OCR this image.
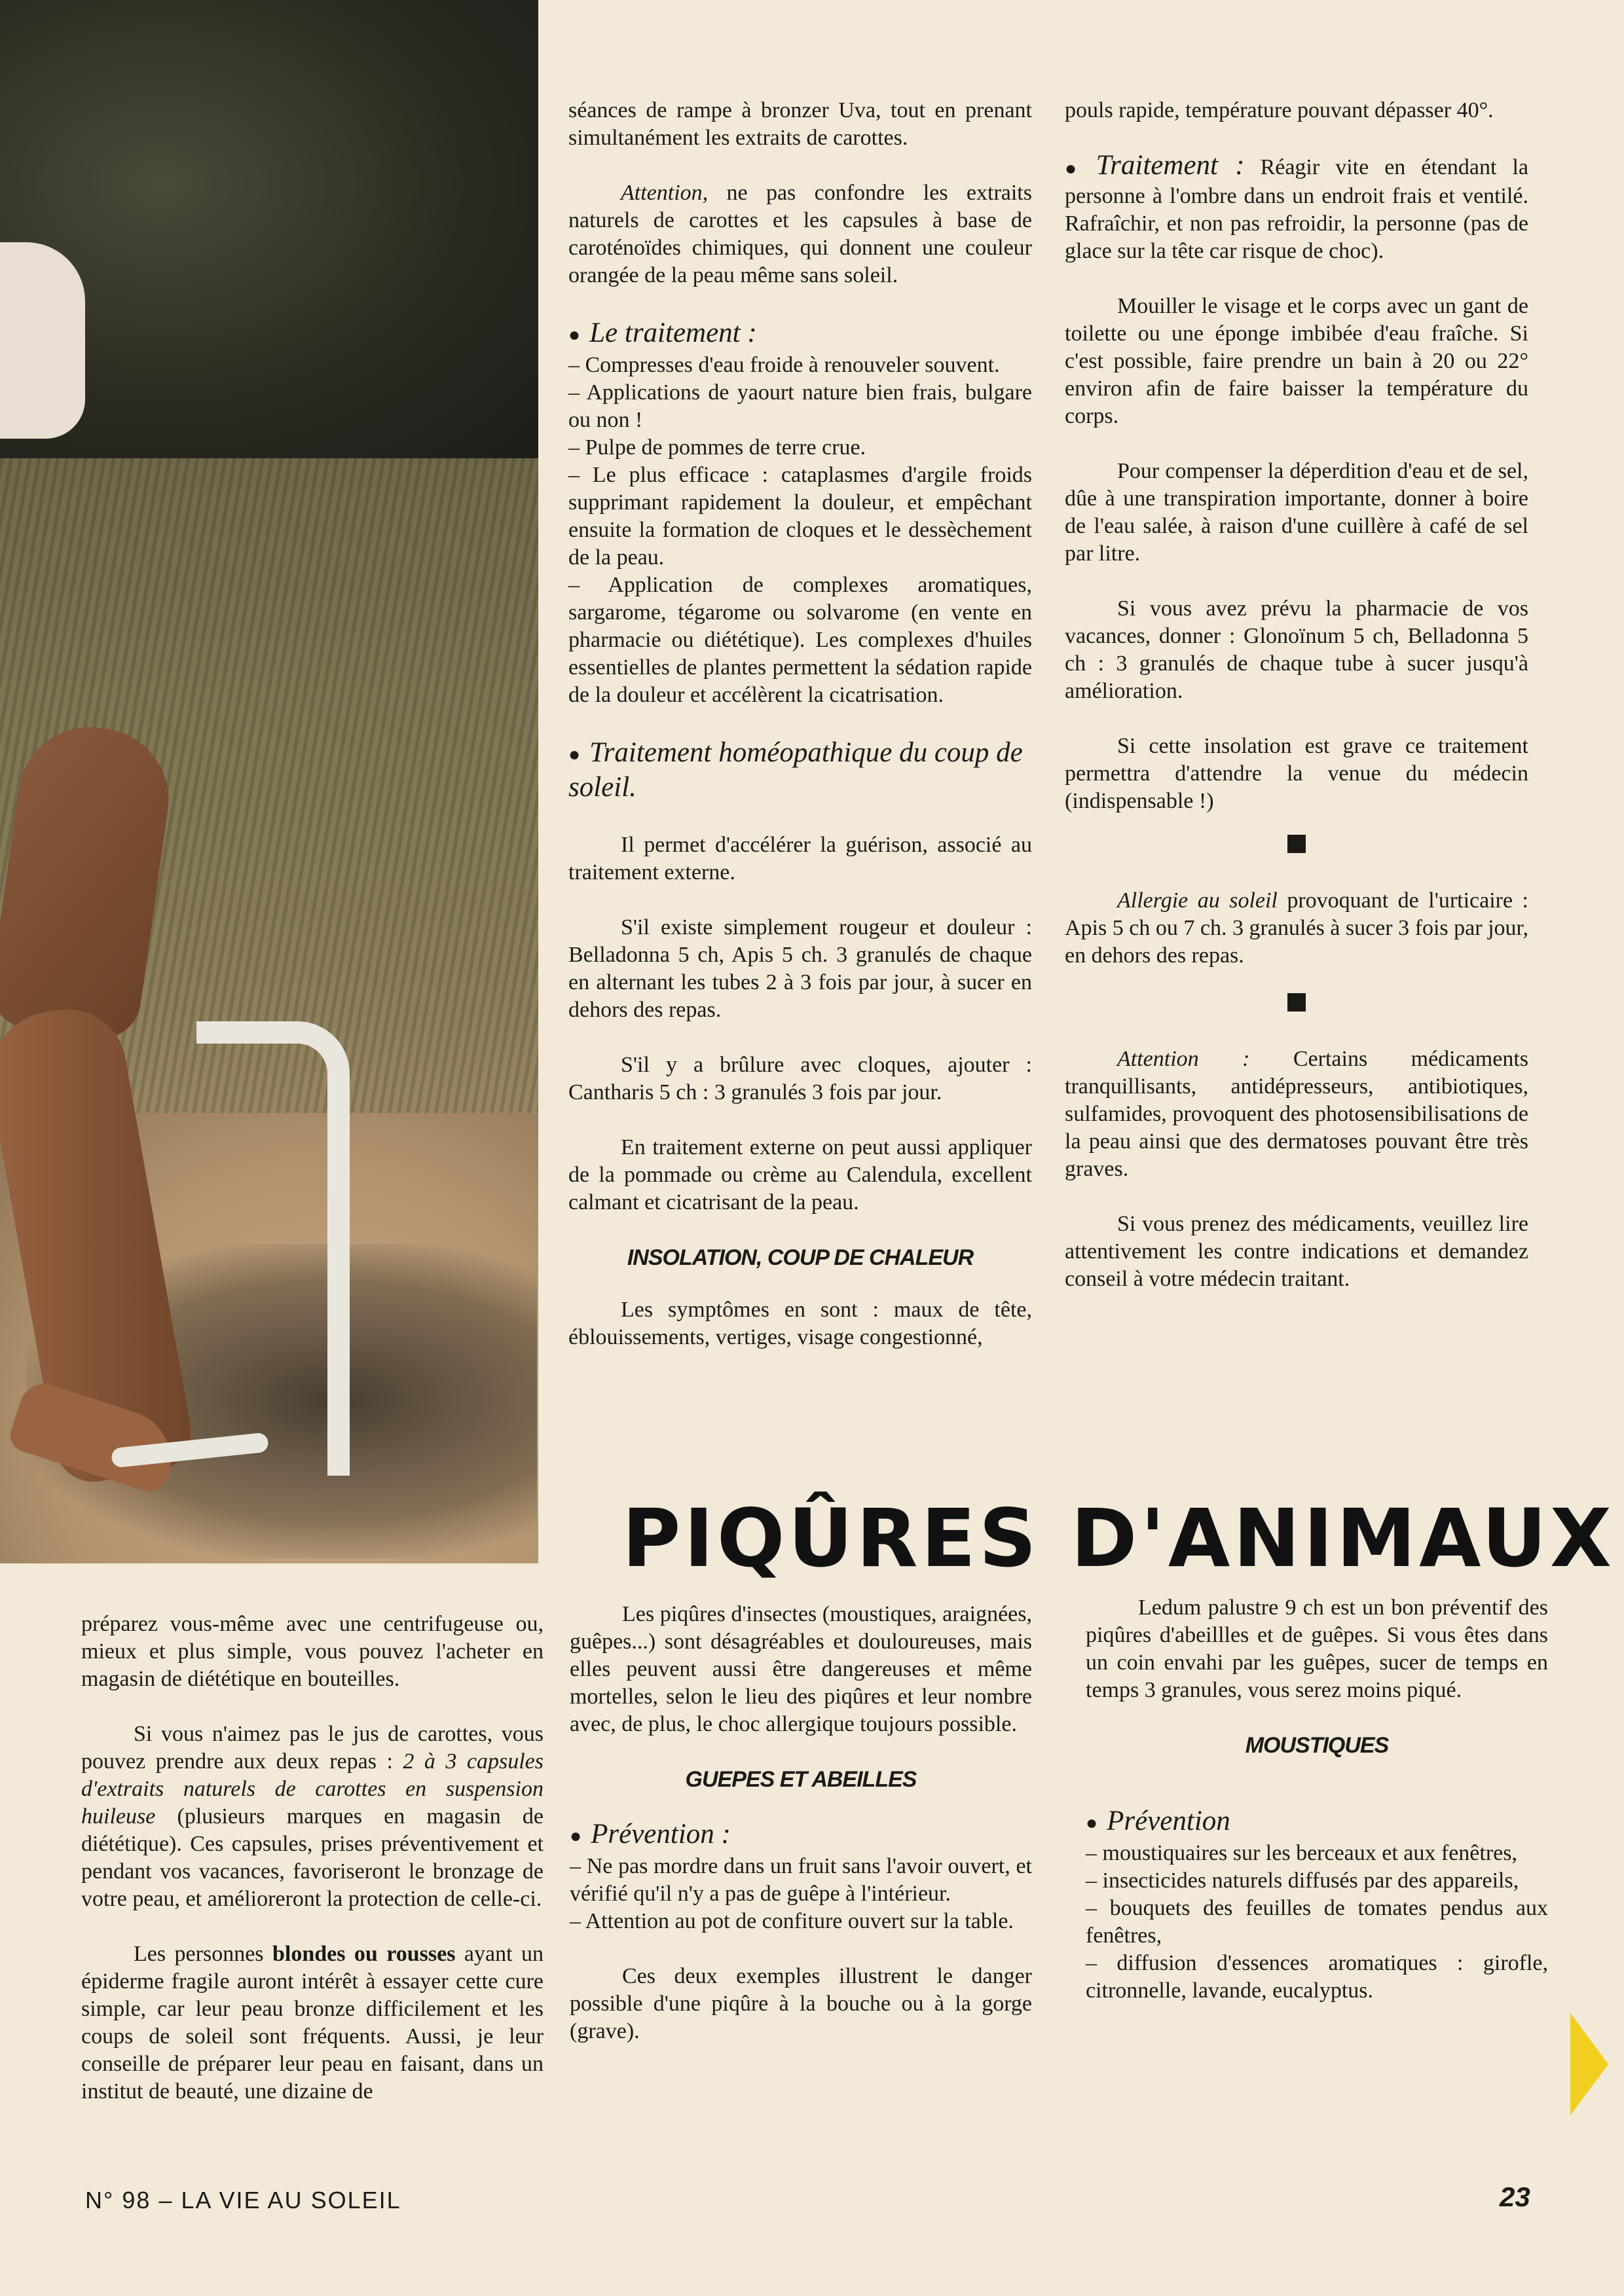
séances de rampe à bronzer Uva, tout en prenant simultanément les extraits de carottes.

Attention, ne pas confondre les extraits naturels de carottes et les capsules à base de caroténoïdes chimiques, qui donnent une couleur orangée de la peau même sans soleil.

● Le traitement :

– Compresses d'eau froide à renouveler souvent.

– Applications de yaourt nature bien frais, bulgare ou non !

– Pulpe de pommes de terre crue.

– Le plus efficace : cataplasmes d'argile froids supprimant rapidement la douleur, et empêchant ensuite la formation de cloques et le dessèchement de la peau.

– Application de complexes aromatiques, sargarome, tégarome ou solvarome (en vente en pharmacie ou diététique). Les complexes d'huiles essentielles de plantes permettent la sédation rapide de la douleur et accélèrent la cicatrisation.

● Traitement homéopathique du coup de soleil.

Il permet d'accélérer la guérison, associé au traitement externe.

S'il existe simplement rougeur et douleur : Belladonna 5 ch, Apis 5 ch. 3 granulés de chaque en alternant les tubes 2 à 3 fois par jour, à sucer en dehors des repas.

S'il y a brûlure avec cloques, ajouter : Cantharis 5 ch : 3 granulés 3 fois par jour.

En traitement externe on peut aussi appliquer de la pommade ou crème au Calendula, excellent calmant et cicatrisant de la peau.

INSOLATION, COUP DE CHALEUR

Les symptômes en sont : maux de tête, éblouissements, vertiges, visage congestionné,

pouls rapide, température pouvant dépasser 40°.

● Traitement : Réagir vite en étendant la personne à l'ombre dans un endroit frais et ventilé. Rafraîchir, et non pas refroidir, la personne (pas de glace sur la tête car risque de choc).

Mouiller le visage et le corps avec un gant de toilette ou une éponge imbibée d'eau fraîche. Si c'est possible, faire prendre un bain à 20 ou 22° environ afin de faire baisser la température du corps.

Pour compenser la déperdition d'eau et de sel, dûe à une transpiration importante, donner à boire de l'eau salée, à raison d'une cuillère à café de sel par litre.

Si vous avez prévu la pharmacie de vos vacances, donner : Glonoïnum 5 ch, Belladonna 5 ch : 3 granulés de chaque tube à sucer jusqu'à amélioration.

Si cette insolation est grave ce traitement permettra d'attendre la venue du médecin (indispensable !)

Allergie au soleil provoquant de l'urticaire : Apis 5 ch ou 7 ch. 3 granulés à sucer 3 fois par jour, en dehors des repas.

Attention : Certains médicaments tranquillisants, antidépresseurs, antibiotiques, sulfamides, provoquent des photosensibilisations de la peau ainsi que des dermatoses pouvant être très graves.

Si vous prenez des médicaments, veuillez lire attentivement les contre indications et demandez conseil à votre médecin traitant.

PIQÛRES D'ANIMAUX

préparez vous-même avec une centrifugeuse ou, mieux et plus simple, vous pouvez l'acheter en magasin de diététique en bouteilles.

Si vous n'aimez pas le jus de carottes, vous pouvez prendre aux deux repas : 2 à 3 capsules d'extraits naturels de carottes en suspension huileuse (plusieurs marques en magasin de diététique). Ces capsules, prises préventivement et pendant vos vacances, favoriseront le bronzage de votre peau, et amélioreront la protection de celle-ci.

Les personnes blondes ou rousses ayant un épiderme fragile auront intérêt à essayer cette cure simple, car leur peau bronze difficilement et les coups de soleil sont fréquents. Aussi, je leur conseille de préparer leur peau en faisant, dans un institut de beauté, une dizaine de

Les piqûres d'insectes (moustiques, araignées, guêpes...) sont désagréables et douloureuses, mais elles peuvent aussi être dangereuses et même mortelles, selon le lieu des piqûres et leur nombre avec, de plus, le choc allergique toujours possible.

GUEPES ET ABEILLES
● Prévention :

– Ne pas mordre dans un fruit sans l'avoir ouvert, et vérifié qu'il n'y a pas de guêpe à l'intérieur.

– Attention au pot de confiture ouvert sur la table.

Ces deux exemples illustrent le danger possible d'une piqûre à la bouche ou à la gorge (grave).

Ledum palustre 9 ch est un bon préventif des piqûres d'abeillles et de guêpes. Si vous êtes dans un coin envahi par les guêpes, sucer de temps en temps 3 granules, vous serez moins piqué.

MOUSTIQUES
● Prévention

– moustiquaires sur les berceaux et aux fenêtres,

– insecticides naturels diffusés par des appareils,

– bouquets des feuilles de tomates pendus aux fenêtres,

– diffusion d'essences aromatiques : girofle, citronnelle, lavande, eucalyptus.

N° 98 – LA VIE AU SOLEIL	23
